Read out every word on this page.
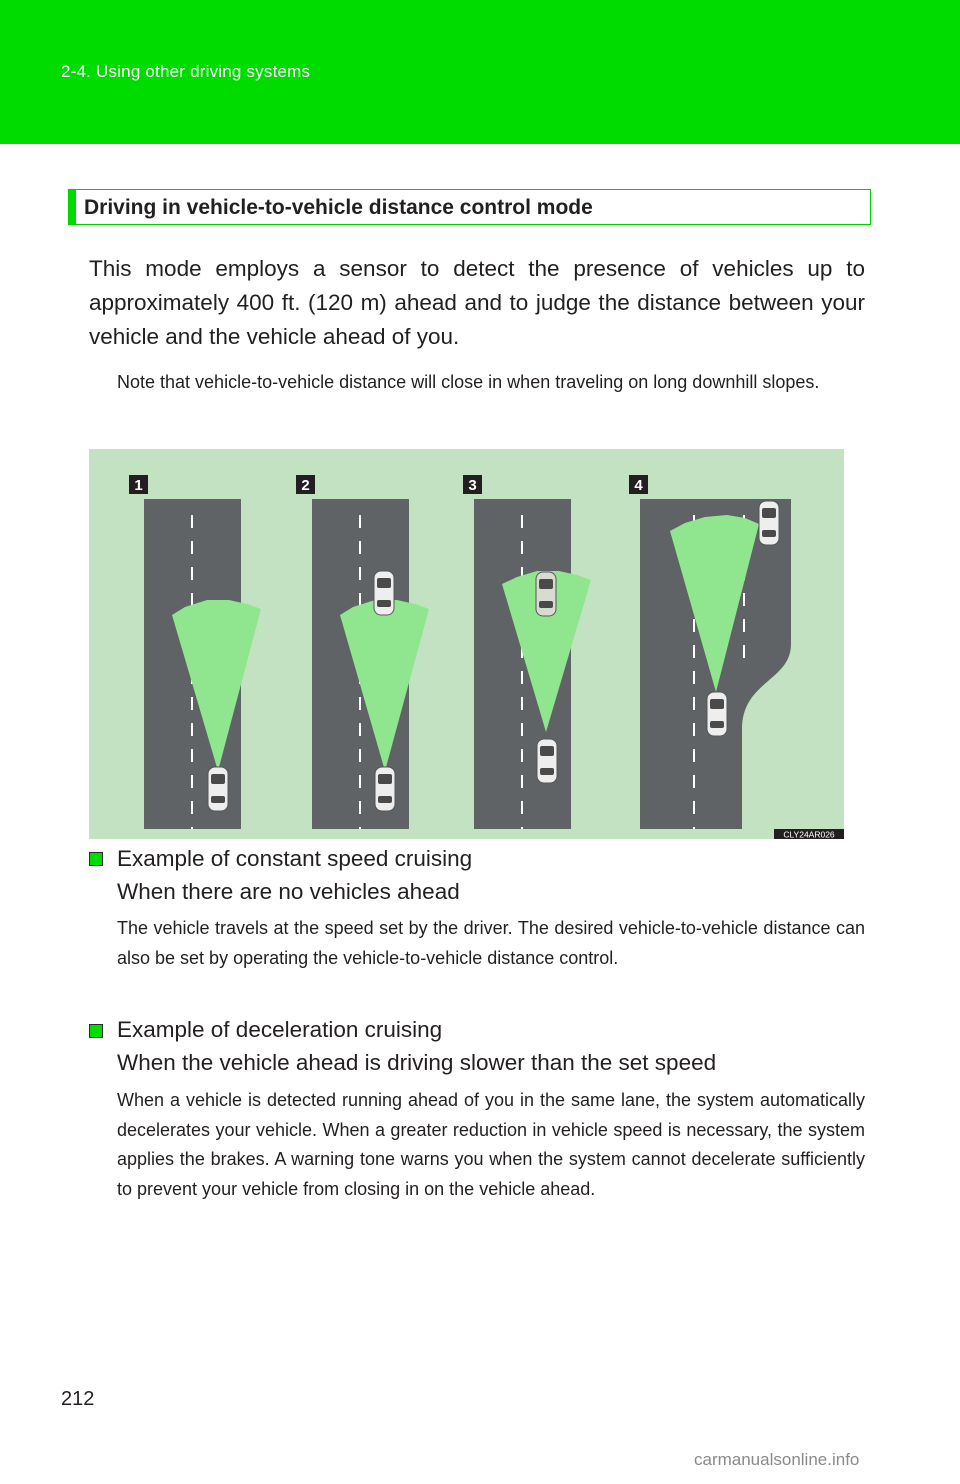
2-4. Using other driving systems
Driving in vehicle-to-vehicle distance control mode
This mode employs a sensor to detect the presence of vehicles up to approximately 400 ft. (120 m) ahead and to judge the distance between your vehicle and the vehicle ahead of you.
Note that vehicle-to-vehicle distance will close in when traveling on long downhill slopes.
1	2	3	4
CLY24AR026
Example of constant speed cruising
When there are no vehicles ahead
The vehicle travels at the speed set by the driver. The desired vehicle-to-vehicle distance can also be set by operating the vehicle-to-vehicle distance control.
Example of deceleration cruising
When the vehicle ahead is driving slower than the set speed
When a vehicle is detected running ahead of you in the same lane, the system automatically decelerates your vehicle. When a greater reduction in vehicle speed is necessary, the system applies the brakes. A warning tone warns you when the system cannot decelerate sufficiently to prevent your vehicle from closing in on the vehicle ahead.
212
carmanualsonline.info
